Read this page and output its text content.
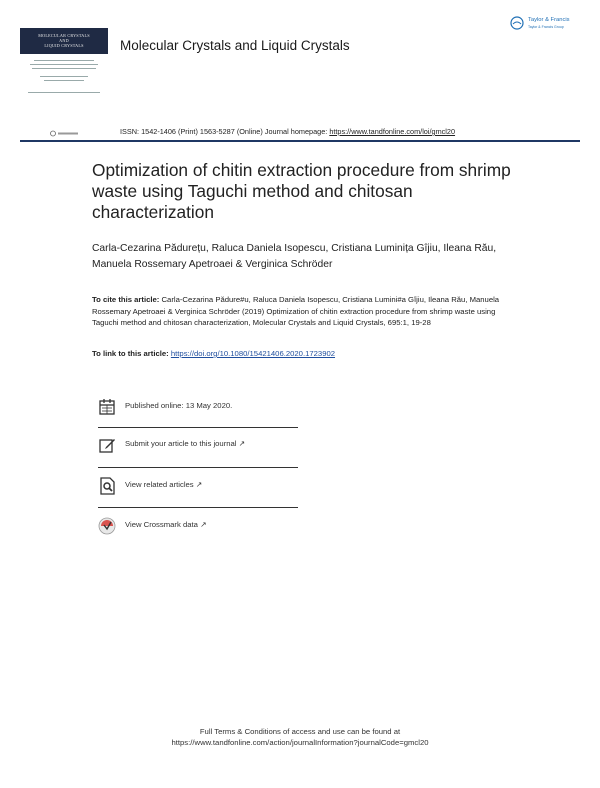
MOLECULAR CRYSTALS
AND
LIQUID CRYSTALS	Molecular Crystals and Liquid Crystals
Taylor & Francis
Taylor & Francis Group
ISSN: 1542-1406 (Print) 1563-5287 (Online) Journal homepage: https://www.tandfonline.com/loi/gmcl20
Optimization of chitin extraction procedure from shrimp waste using Taguchi method and chitosan characterization
Carla-Cezarina Pădurețu, Raluca Daniela Isopescu, Cristiana Luminița Gîjiu, Ileana Rău, Manuela Rossemary Apetroaei & Verginica Schröder
To cite this article: Carla-Cezarina Pădure#u, Raluca Daniela Isopescu, Cristiana Lumini#a Gîjiu, Ileana Rău, Manuela Rossemary Apetroaei & Verginica Schröder (2019) Optimization of chitin extraction procedure from shrimp waste using Taguchi method and chitosan characterization, Molecular Crystals and Liquid Crystals, 695:1, 19-28
To link to this article: https://doi.org/10.1080/15421406.2020.1723902
Published online: 13 May 2020.
Submit your article to this journal ↗
View related articles ↗
View Crossmark data ↗
Full Terms & Conditions of access and use can be found at
https://www.tandfonline.com/action/journalInformation?journalCode=gmcl20
